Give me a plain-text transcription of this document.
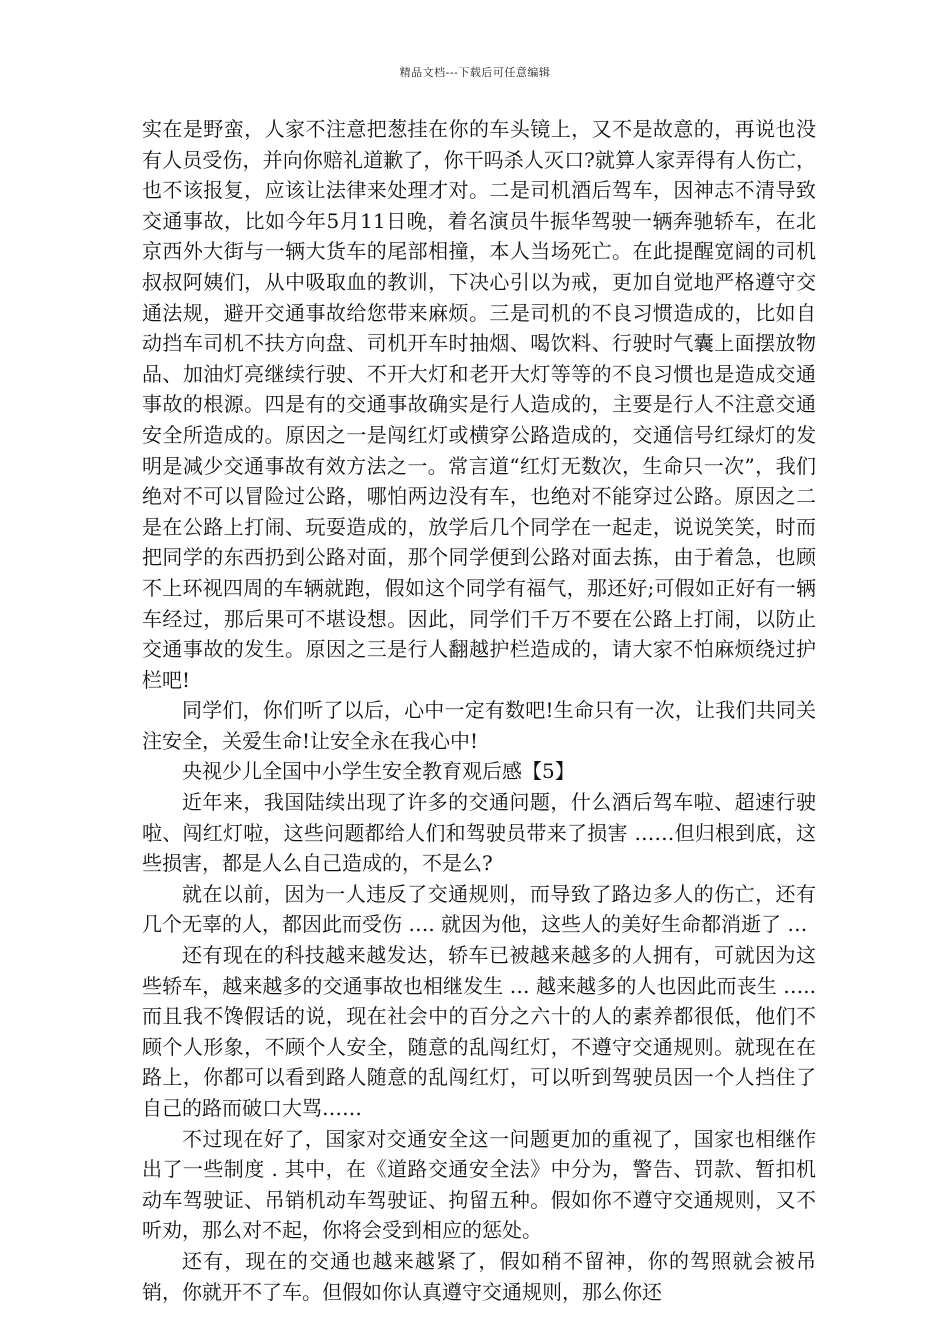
精品文档---下载后可任意编辑

实在是野蛮，人家不注意把葱挂在你的车头镜上，又不是故意的，再说也没有人员受伤，并向你赔礼道歉了，你干吗杀人灭口?就算人家弄得有人伤亡，也不该报复，应该让法律来处理才对。二是司机酒后驾车，因神志不清导致交通事故，比如今年5月11日晚，着名演员牛振华驾驶一辆奔驰轿车，在北京西外大街与一辆大货车的尾部相撞，本人当场死亡。在此提醒宽阔的司机叔叔阿姨们，从中吸取血的教训，下决心引以为戒，更加自觉地严格遵守交通法规，避开交通事故给您带来麻烦。三是司机的不良习惯造成的，比如自动挡车司机不扶方向盘、司机开车时抽烟、喝饮料、行驶时气囊上面摆放物品、加油灯亮继续行驶、不开大灯和老开大灯等等的不良习惯也是造成交通事故的根源。四是有的交通事故确实是行人造成的，主要是行人不注意交通安全所造成的。原因之一是闯红灯或横穿公路造成的，交通信号红绿灯的发明是减少交通事故有效方法之一。常言道“红灯无数次，生命只一次”，我们绝对不可以冒险过公路，哪怕两边没有车，也绝对不能穿过公路。原因之二是在公路上打闹、玩耍造成的，放学后几个同学在一起走，说说笑笑，时而把同学的东西扔到公路对面，那个同学便到公路对面去拣，由于着急，也顾不上环视四周的车辆就跑，假如这个同学有福气，那还好;可假如正好有一辆车经过，那后果可不堪设想。因此，同学们千万不要在公路上打闹，以防止交通事故的发生。原因之三是行人翻越护栏造成的，请大家不怕麻烦绕过护栏吧!

同学们，你们听了以后，心中一定有数吧!生命只有一次，让我们共同关注安全，关爱生命!让安全永在我心中!

央视少儿全国中小学生安全教育观后感【5】

近年来，我国陆续出现了许多的交通问题，什么酒后驾车啦、超速行驶啦、闯红灯啦，这些问题都给人们和驾驶员带来了损害 ……但归根到底，这些损害，都是人么自己造成的，不是么?

就在以前，因为一人违反了交通规则，而导致了路边多人的伤亡，还有几个无辜的人，都因此而受伤 …. 就因为他，这些人的美好生命都消逝了 …

还有现在的科技越来越发达，轿车已被越来越多的人拥有，可就因为这些轿车，越来越多的交通事故也相继发生 … 越来越多的人也因此而丧生 …..而且我不馋假话的说，现在社会中的百分之六十的人的素养都很低，他们不顾个人形象，不顾个人安全，随意的乱闯红灯，不遵守交通规则。就现在在路上，你都可以看到路人随意的乱闯红灯，可以听到驾驶员因一个人挡住了自己的路而破口大骂……

不过现在好了，国家对交通安全这一问题更加的重视了，国家也相继作出了一些制度 . 其中，在《道路交通安全法》中分为，警告、罚款、暂扣机动车驾驶证、吊销机动车驾驶证、拘留五种。假如你不遵守交通规则，又不听劝，那么对不起，你将会受到相应的惩处。

还有，现在的交通也越来越紧了，假如稍不留神，你的驾照就会被吊销，你就开不了车。但假如你认真遵守交通规则，那么你还
